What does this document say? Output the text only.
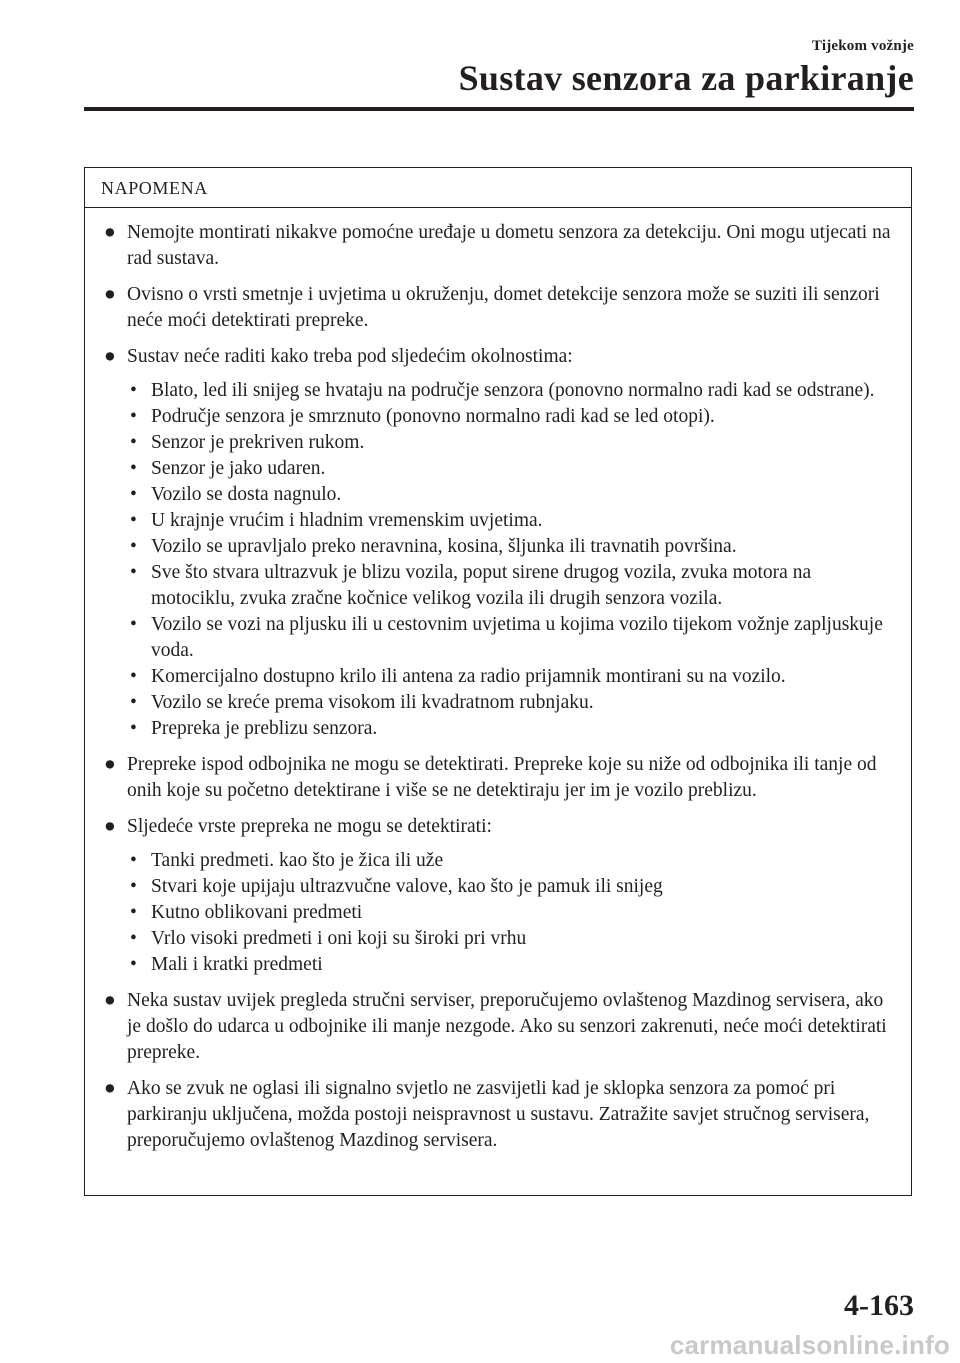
Tijekom vožnje
Sustav senzora za parkiranje
NAPOMENA
● Nemojte montirati nikakve pomoćne uređaje u dometu senzora za detekciju. Oni mogu utjecati na rad sustava.
● Ovisno o vrsti smetnje i uvjetima u okruženju, domet detekcije senzora može se suziti ili senzori neće moći detektirati prepreke.
● Sustav neće raditi kako treba pod sljedećim okolnostima:
• Blato, led ili snijeg se hvataju na područje senzora (ponovno normalno radi kad se odstrane).
• Područje senzora je smrznuto (ponovno normalno radi kad se led otopi).
• Senzor je prekriven rukom.
• Senzor je jako udaren.
• Vozilo se dosta nagnulo.
• U krajnje vrućim i hladnim vremenskim uvjetima.
• Vozilo se upravljalo preko neravnina, kosina, šljunka ili travnatih površina.
• Sve što stvara ultrazvuk je blizu vozila, poput sirene drugog vozila, zvuka motora na motociklu, zvuka zračne kočnice velikog vozila ili drugih senzora vozila.
• Vozilo se vozi na pljusku ili u cestovnim uvjetima u kojima vozilo tijekom vožnje zapljuskuje voda.
• Komercijalno dostupno krilo ili antena za radio prijamnik montirani su na vozilo.
• Vozilo se kreće prema visokom ili kvadratnom rubnjaku.
• Prepreka je preblizu senzora.
● Prepreke ispod odbojnika ne mogu se detektirati. Prepreke koje su niže od odbojnika ili tanje od onih koje su početno detektirane i više se ne detektiraju jer im je vozilo preblizu.
● Sljedeće vrste prepreka ne mogu se detektirati:
• Tanki predmeti. kao što je žica ili uže
• Stvari koje upijaju ultrazvučne valove, kao što je pamuk ili snijeg
• Kutno oblikovani predmeti
• Vrlo visoki predmeti i oni koji su široki pri vrhu
• Mali i kratki predmeti
● Neka sustav uvijek pregleda stručni serviser, preporučujemo ovlaštenog Mazdinog servisera, ako je došlo do udarca u odbojnike ili manje nezgode. Ako su senzori zakrenuti, neće moći detektirati prepreke.
● Ako se zvuk ne oglasi ili signalno svjetlo ne zasvijetli kad je sklopka senzora za pomoć pri parkiranju uključena, možda postoji neispravnost u sustavu. Zatražite savjet stručnog servisera, preporučujemo ovlaštenog Mazdinog servisera.
4-163
carmanualsonline.info
